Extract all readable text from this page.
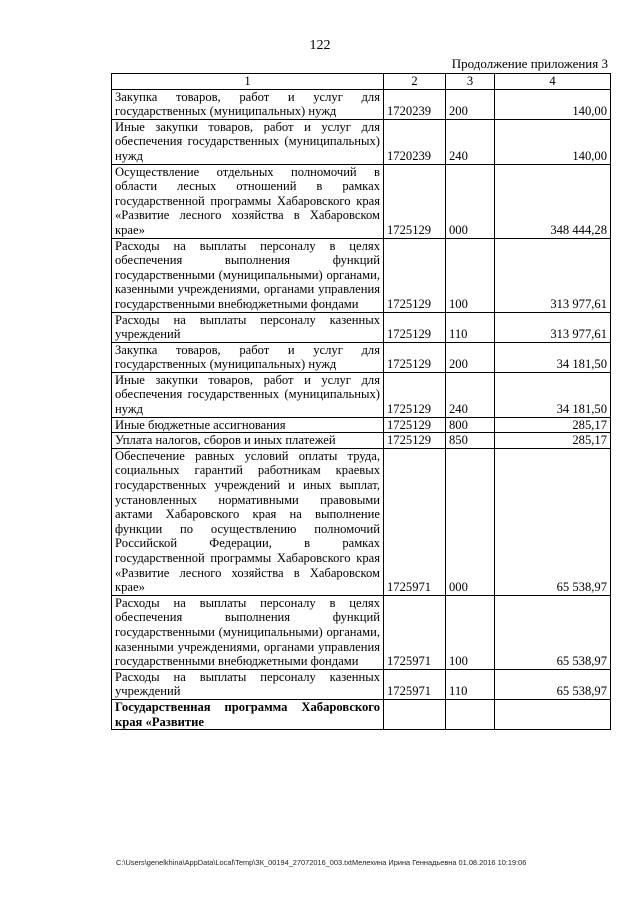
122
Продолжение приложения 3
1	2	3	4
Закупка товаров, работ и услуг для государственных (муниципальных) нужд	1720239	200	140,00
Иные закупки товаров, работ и услуг для обеспечения государственных (муниципальных) нужд	1720239	240	140,00
Осуществление отдельных полномочий в области лесных отношений в рамках государственной программы Хабаровского края «Развитие лесного хозяйства в Хабаровском крае»	1725129	000	348 444,28
Расходы на выплаты персоналу в целях обеспечения выполнения функций государственными (муниципальными) органами, казенными учреждениями, органами управления государственными внебюджетными фондами	1725129	100	313 977,61
Расходы на выплаты персоналу казенных учреждений	1725129	110	313 977,61
Закупка товаров, работ и услуг для государственных (муниципальных) нужд	1725129	200	34 181,50
Иные закупки товаров, работ и услуг для обеспечения государственных (муниципальных) нужд	1725129	240	34 181,50
Иные бюджетные ассигнования	1725129	800	285,17
Уплата налогов, сборов и иных платежей	1725129	850	285,17
Обеспечение равных условий оплаты труда, социальных гарантий работникам краевых государственных учреждений и иных выплат, установленных нормативными правовыми актами Хабаровского края на выполнение функции по осуществлению полномочий Российской Федерации, в рамках государственной программы Хабаровского края «Развитие лесного хозяйства в Хабаровском крае»	1725971	000	65 538,97
Расходы на выплаты персоналу в целях обеспечения выполнения функций государственными (муниципальными) органами, казенными учреждениями, органами управления государственными внебюджетными фондами	1725971	100	65 538,97
Расходы на выплаты персоналу казенных учреждений	1725971	110	65 538,97
Государственная программа Хабаровского края «Развитие			
C:\Users\genelkhina\AppData\Local\Temp\ЗК_00194_27072016_003.txtМелехина Ирина Геннадьевна 01.08.2016 10:19:06
